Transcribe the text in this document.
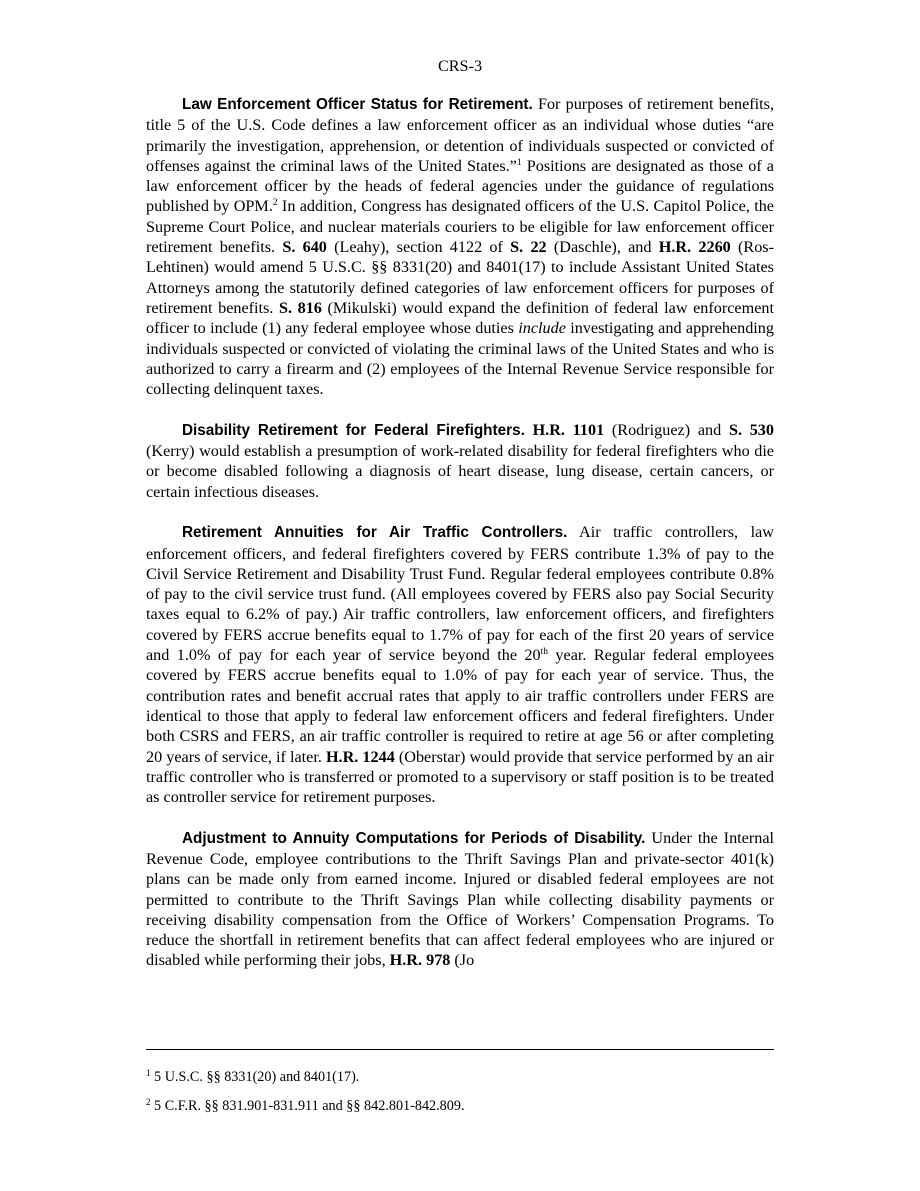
CRS-3

Law Enforcement Officer Status for Retirement. For purposes of retirement benefits, title 5 of the U.S. Code defines a law enforcement officer as an individual whose duties “are primarily the investigation, apprehension, or detention of individuals suspected or convicted of offenses against the criminal laws of the United States.”$^1$ Positions are designated as those of a law enforcement officer by the heads of federal agencies under the guidance of regulations published by OPM.$^2$ In addition, Congress has designated officers of the U.S. Capitol Police, the Supreme Court Police, and nuclear materials couriers to be eligible for law enforcement officer retirement benefits. S. 640 (Leahy), section 4122 of S. 22 (Daschle), and H.R. 2260 (Ros-Lehtinen) would amend 5 U.S.C. §§ 8331(20) and 8401(17) to include Assistant United States Attorneys among the statutorily defined categories of law enforcement officers for purposes of retirement benefits. S. 816 (Mikulski) would expand the definition of federal law enforcement officer to include (1) any federal employee whose duties include investigating and apprehending individuals suspected or convicted of violating the criminal laws of the United States and who is authorized to carry a firearm and (2) employees of the Internal Revenue Service responsible for collecting delinquent taxes.

Disability Retirement for Federal Firefighters. H.R. 1101 (Rodriguez) and S. 530 (Kerry) would establish a presumption of work-related disability for federal firefighters who die or become disabled following a diagnosis of heart disease, lung disease, certain cancers, or certain infectious diseases.

Retirement Annuities for Air Traffic Controllers. Air traffic controllers, law enforcement officers, and federal firefighters covered by FERS contribute 1.3% of pay to the Civil Service Retirement and Disability Trust Fund. Regular federal employees contribute 0.8% of pay to the civil service trust fund. (All employees covered by FERS also pay Social Security taxes equal to 6.2% of pay.) Air traffic controllers, law enforcement officers, and firefighters covered by FERS accrue benefits equal to 1.7% of pay for each of the first 20 years of service and 1.0% of pay for each year of service beyond the 20th year. Regular federal employees covered by FERS accrue benefits equal to 1.0% of pay for each year of service. Thus, the contribution rates and benefit accrual rates that apply to air traffic controllers under FERS are identical to those that apply to federal law enforcement officers and federal firefighters. Under both CSRS and FERS, an air traffic controller is required to retire at age 56 or after completing 20 years of service, if later. H.R. 1244 (Oberstar) would provide that service performed by an air traffic controller who is transferred or promoted to a supervisory or staff position is to be treated as controller service for retirement purposes.

Adjustment to Annuity Computations for Periods of Disability. Under the Internal Revenue Code, employee contributions to the Thrift Savings Plan and private-sector 401(k) plans can be made only from earned income. Injured or disabled federal employees are not permitted to contribute to the Thrift Savings Plan while collecting disability payments or receiving disability compensation from the Office of Workers’ Compensation Programs. To reduce the shortfall in retirement benefits that can affect federal employees who are injured or disabled while performing their jobs, H.R. 978 (Jo

$^1$ 5 U.S.C. §§ 8331(20) and 8401(17).
$^2$ 5 C.F.R. §§ 831.901-831.911 and §§ 842.801-842.809.
